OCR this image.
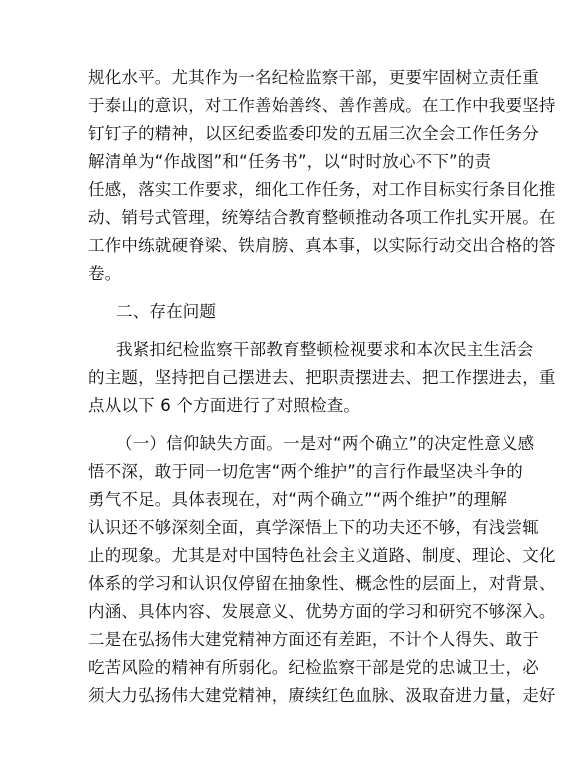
规化水平。尤其作为一名纪检监察干部，更要牢固树立责任重
于泰山的意识，对工作善始善终、善作善成。在工作中我要坚持
钉钉子的精神，以区纪委监委印发的五届三次全会工作任务分
解清单为“作战图”和“任务书”，以“时时放心不下”的责
任感，落实工作要求，细化工作任务，对工作目标实行条目化推
动、销号式管理，统筹结合教育整顿推动各项工作扎实开展。在
工作中练就硬脊梁、铁肩膀、真本事，以实际行动交出合格的答
卷。
二、存在问题
我紧扣纪检监察干部教育整顿检视要求和本次民主生活会
的主题，坚持把自己摆进去、把职责摆进去、把工作摆进去，重
点从以下 6 个方面进行了对照检查。
（一）信仰缺失方面。一是对“两个确立”的决定性意义感
悟不深，敢于同一切危害“两个维护”的言行作最坚决斗争的
勇气不足。具体表现在，对“两个确立”“两个维护”的理解
认识还不够深刻全面，真学深悟上下的功夫还不够，有浅尝辄
止的现象。尤其是对中国特色社会主义道路、制度、理论、文化
体系的学习和认识仅停留在抽象性、概念性的层面上，对背景、
内涵、具体内容、发展意义、优势方面的学习和研究不够深入。
二是在弘扬伟大建党精神方面还有差距，不计个人得失、敢于
吃苦风险的精神有所弱化。纪检监察干部是党的忠诚卫士，必
须大力弘扬伟大建党精神，赓续红色血脉、汲取奋进力量，走好
